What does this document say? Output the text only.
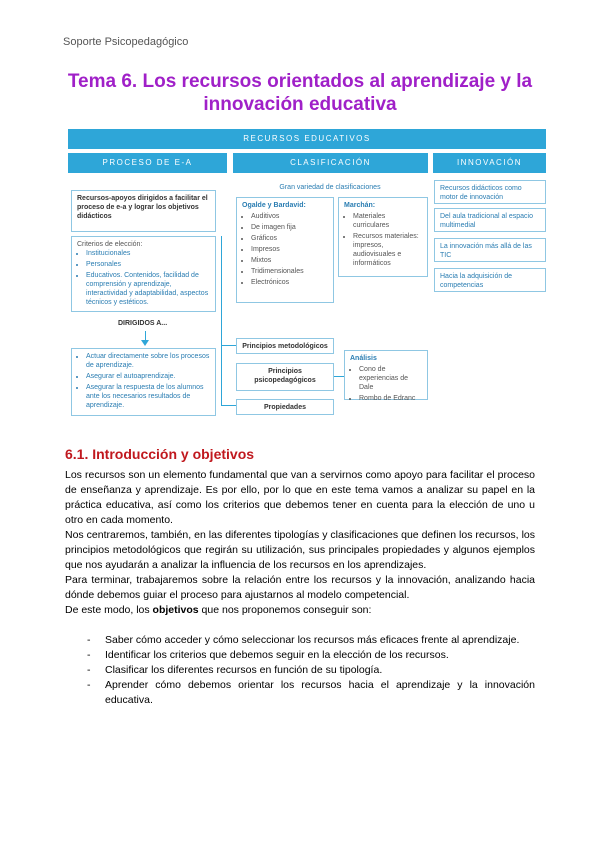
Soporte Psicopedagógico
Tema 6. Los recursos orientados al aprendizaje y la
innovación educativa
RECURSOS EDUCATIVOS
PROCESO DE E-A	CLASIFICACIÓN	INNOVACIÓN
Recursos-apoyos dirigidos a facilitar el proceso de e-a y lograr los objetivos didácticos
Criterios de elección:
• Institucionales
• Personales
• Educativos. Contenidos, facilidad de comprensión y aprendizaje, interactividad y adaptabilidad, aspectos técnicos y estéticos.
DIRIGIDOS A...
• Actuar directamente sobre los procesos de aprendizaje.
• Asegurar el autoaprendizaje.
• Asegurar la respuesta de los alumnos ante los necesarios resultados de aprendizaje.
Gran variedad de clasificaciones
Ogalde y Bardavid:
• Auditivos
• De imagen fija
• Gráficos
• Impresos
• Mixtos
• Tridimensionales
• Electrónicos
Marchán:
• Materiales curriculares
• Recursos materiales: impresos, audiovisuales e informáticos
Principios metodológicos
Principios psicopedagógicos
Propiedades
Análisis
• Cono de experiencias de Dale
• Rombo de Edranc
Recursos didácticos como motor de innovación
Del aula tradicional al espacio multimedial
La innovación más allá de las TIC
Hacia la adquisición de competencias
6.1. Introducción y objetivos

Los recursos son un elemento fundamental que van a servirnos como apoyo para facilitar el proceso de enseñanza y aprendizaje. Es por ello, por lo que en este tema vamos a analizar su papel en la práctica educativa, así como los criterios que debemos tener en cuenta para la elección de uno u otro en cada momento.

Nos centraremos, también, en las diferentes tipologías y clasificaciones que definen los recursos, los principios metodológicos que regirán su utilización, sus principales propiedades y algunos ejemplos que nos ayudarán a analizar la influencia de los recursos en los aprendizajes.

Para terminar, trabajaremos sobre la relación entre los recursos y la innovación, analizando hacia dónde debemos guiar el proceso para ajustarnos al modelo competencial.

De este modo, los objetivos que nos proponemos conseguir son:

- Saber cómo acceder y cómo seleccionar los recursos más eficaces frente al aprendizaje.
- Identificar los criterios que debemos seguir en la elección de los recursos.
- Clasificar los diferentes recursos en función de su tipología.
- Aprender cómo debemos orientar los recursos hacia el aprendizaje y la innovación educativa.
